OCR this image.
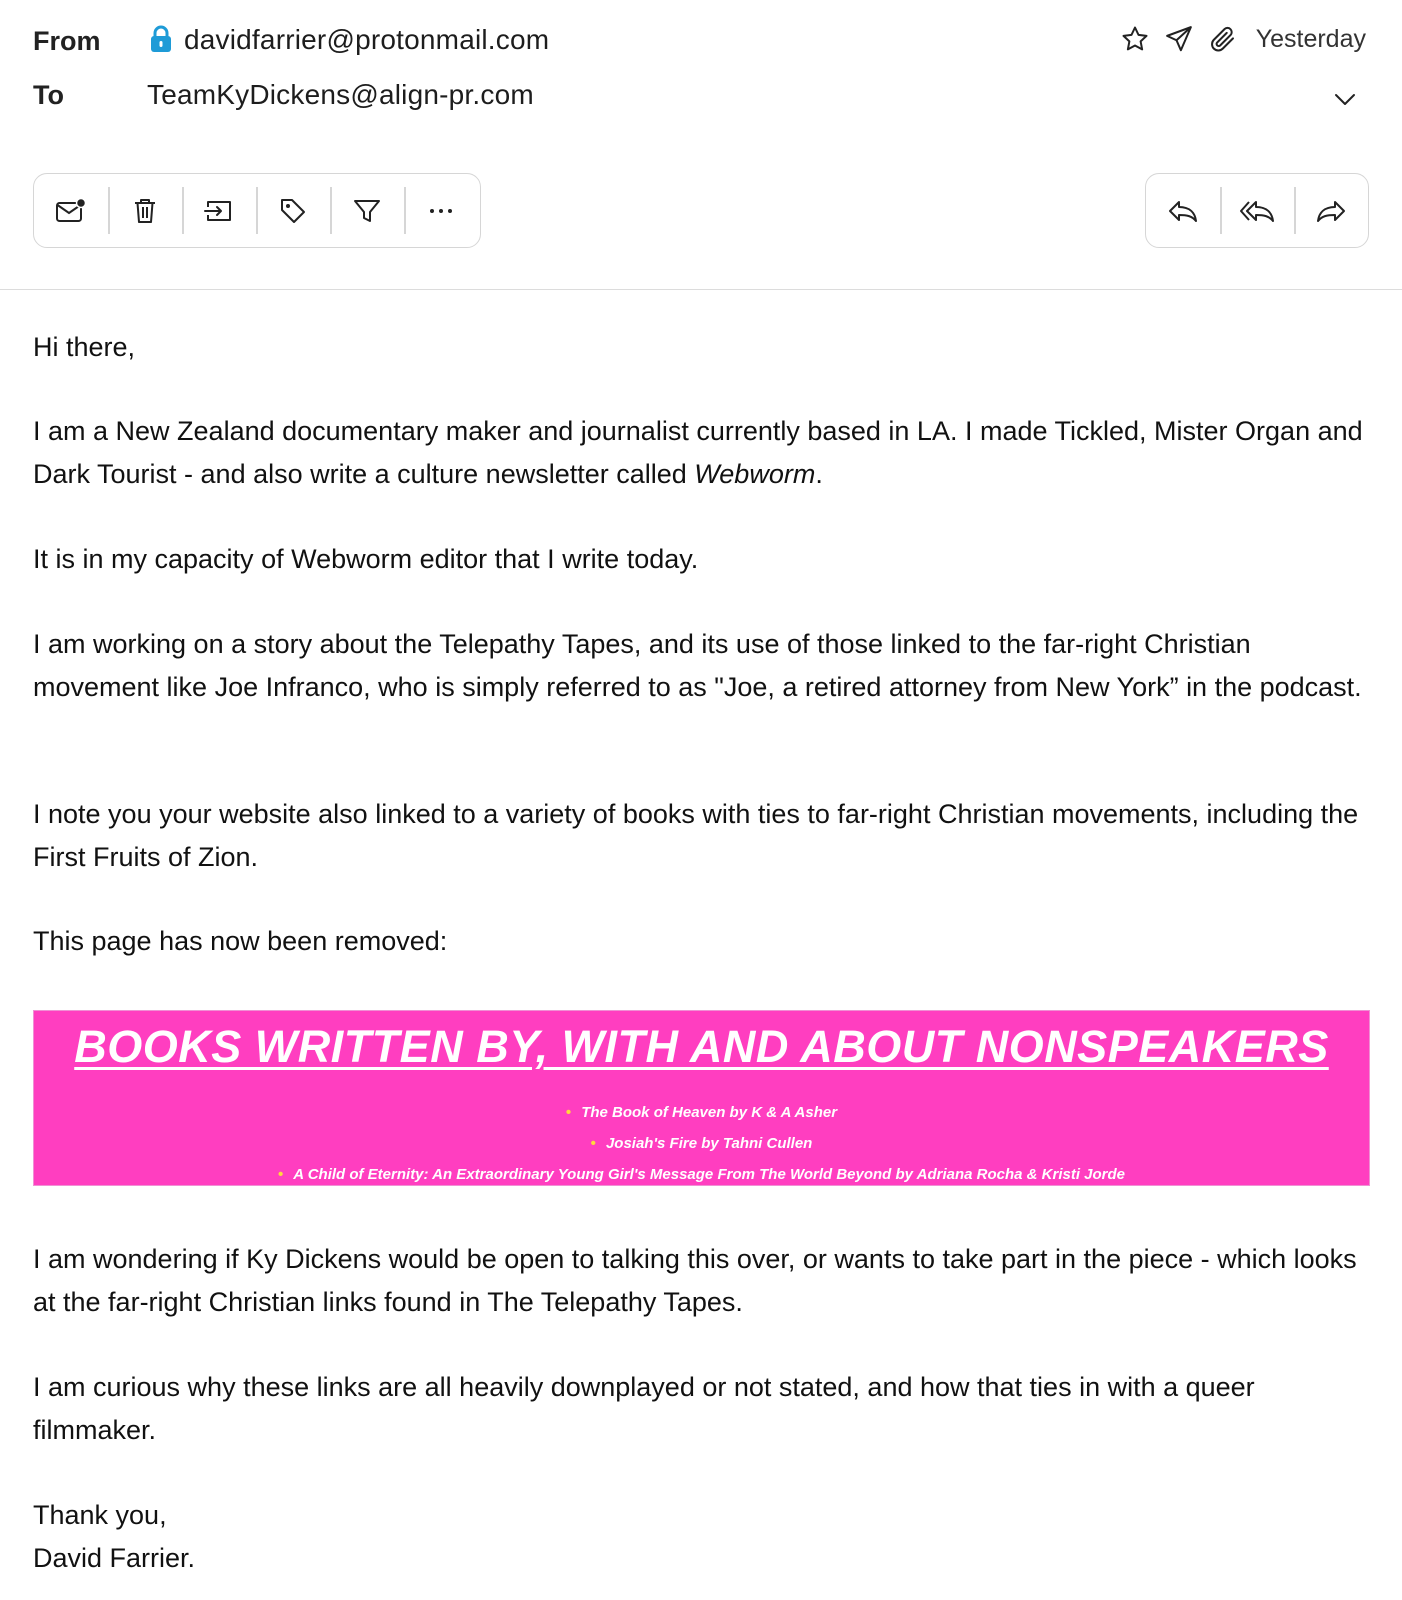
From	davidfarrier@protonmail.com
To	TeamKyDickens@align-pr.com
Yesterday

Hi there,

I am a New Zealand documentary maker and journalist currently based in LA. I made Tickled, Mister Organ and Dark Tourist - and also write a culture newsletter called Webworm.

It is in my capacity of Webworm editor that I write today.

I am working on a story about the Telepathy Tapes, and its use of those linked to the far-right Christian movement like Joe Infranco, who is simply referred to as "Joe, a retired attorney from New York” in the podcast.

I note you your website also linked to a variety of books with ties to far-right Christian movements, including the First Fruits of Zion.

This page has now been removed:

BOOKS WRITTEN BY, WITH AND ABOUT NONSPEAKERS
• The Book of Heaven by K & A Asher
• Josiah's Fire by Tahni Cullen
• A Child of Eternity: An Extraordinary Young Girl's Message From The World Beyond by Adriana Rocha & Kristi Jorde

I am wondering if Ky Dickens would be open to talking this over, or wants to take part in the piece - which looks at the far-right Christian links found in The Telepathy Tapes.

I am curious why these links are all heavily downplayed or not stated, and how that ties in with a queer filmmaker.

Thank you,

David Farrier.
